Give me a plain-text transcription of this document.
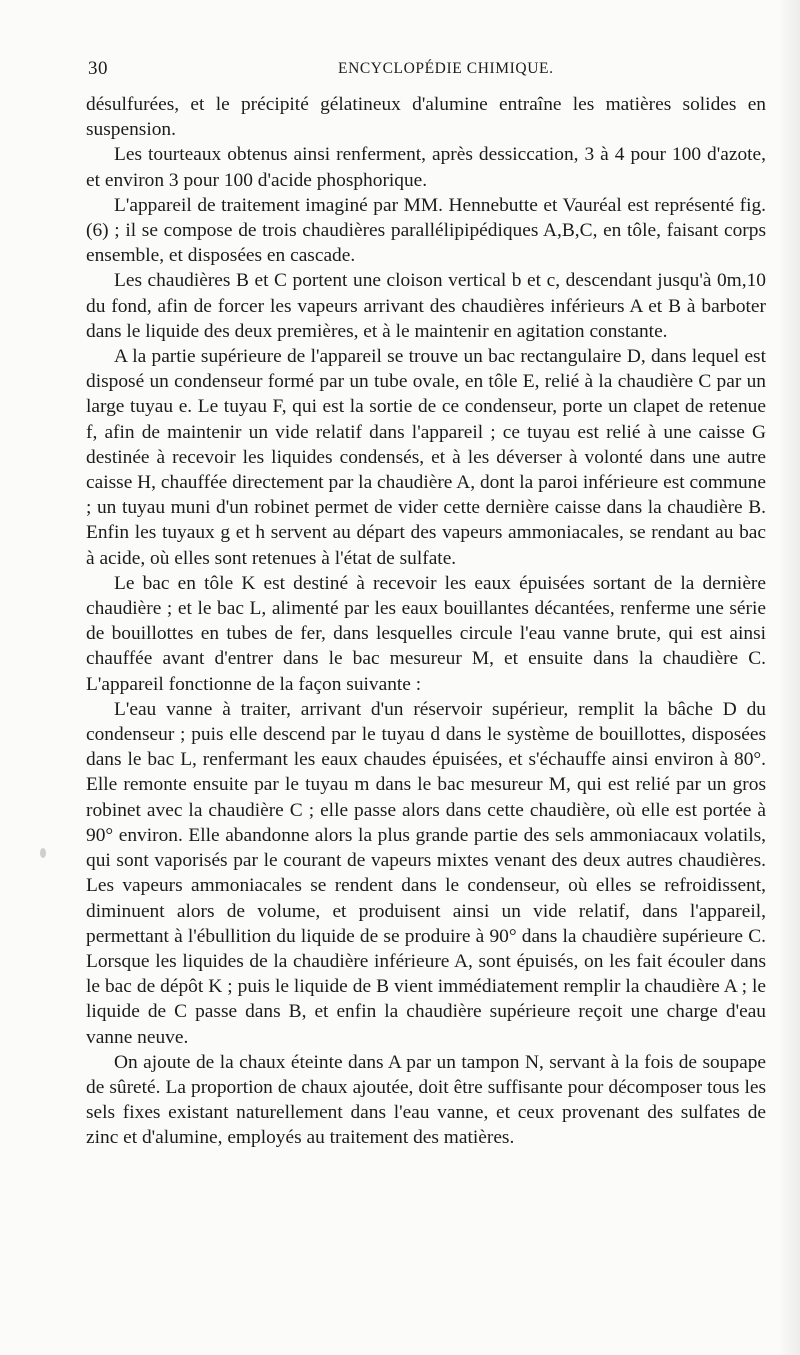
30	ENCYCLOPÉDIE CHIMIQUE.

désulfurées, et le précipité gélatineux d'alumine entraîne les matières solides en suspension.

Les tourteaux obtenus ainsi renferment, après dessiccation, 3 à 4 pour 100 d'azote, et environ 3 pour 100 d'acide phosphorique.

L'appareil de traitement imaginé par MM. Hennebutte et Vauréal est représenté fig. (6) ; il se compose de trois chaudières parallélipipédiques A,B,C, en tôle, faisant corps ensemble, et disposées en cascade.

Les chaudières B et C portent une cloison vertical b et c, descendant jusqu'à 0m,10 du fond, afin de forcer les vapeurs arrivant des chaudières inférieurs A et B à barboter dans le liquide des deux premières, et à le maintenir en agitation constante.

A la partie supérieure de l'appareil se trouve un bac rectangulaire D, dans lequel est disposé un condenseur formé par un tube ovale, en tôle E, relié à la chaudière C par un large tuyau e. Le tuyau F, qui est la sortie de ce condenseur, porte un clapet de retenue f, afin de maintenir un vide relatif dans l'appareil ; ce tuyau est relié à une caisse G destinée à recevoir les liquides condensés, et à les déverser à volonté dans une autre caisse H, chauffée directement par la chaudière A, dont la paroi inférieure est commune ; un tuyau muni d'un robinet permet de vider cette dernière caisse dans la chaudière B. Enfin les tuyaux g et h servent au départ des vapeurs ammoniacales, se rendant au bac à acide, où elles sont retenues à l'état de sulfate.

Le bac en tôle K est destiné à recevoir les eaux épuisées sortant de la dernière chaudière ; et le bac L, alimenté par les eaux bouillantes décantées, renferme une série de bouillottes en tubes de fer, dans lesquelles circule l'eau vanne brute, qui est ainsi chauffée avant d'entrer dans le bac mesureur M, et ensuite dans la chaudière C. L'appareil fonctionne de la façon suivante :

L'eau vanne à traiter, arrivant d'un réservoir supérieur, remplit la bâche D du condenseur ; puis elle descend par le tuyau d dans le système de bouillottes, disposées dans le bac L, renfermant les eaux chaudes épuisées, et s'échauffe ainsi environ à 80°. Elle remonte ensuite par le tuyau m dans le bac mesureur M, qui est relié par un gros robinet avec la chaudière C ; elle passe alors dans cette chaudière, où elle est portée à 90° environ. Elle abandonne alors la plus grande partie des sels ammoniacaux volatils, qui sont vaporisés par le courant de vapeurs mixtes venant des deux autres chaudières. Les vapeurs ammoniacales se rendent dans le condenseur, où elles se refroidissent, diminuent alors de volume, et produisent ainsi un vide relatif, dans l'appareil, permettant à l'ébullition du liquide de se produire à 90° dans la chaudière supérieure C. Lorsque les liquides de la chaudière inférieure A, sont épuisés, on les fait écouler dans le bac de dépôt K ; puis le liquide de B vient immédiatement remplir la chaudière A ; le liquide de C passe dans B, et enfin la chaudière supérieure reçoit une charge d'eau vanne neuve.

On ajoute de la chaux éteinte dans A par un tampon N, servant à la fois de soupape de sûreté. La proportion de chaux ajoutée, doit être suffisante pour décomposer tous les sels fixes existant naturellement dans l'eau vanne, et ceux provenant des sulfates de zinc et d'alumine, employés au traitement des matières.
